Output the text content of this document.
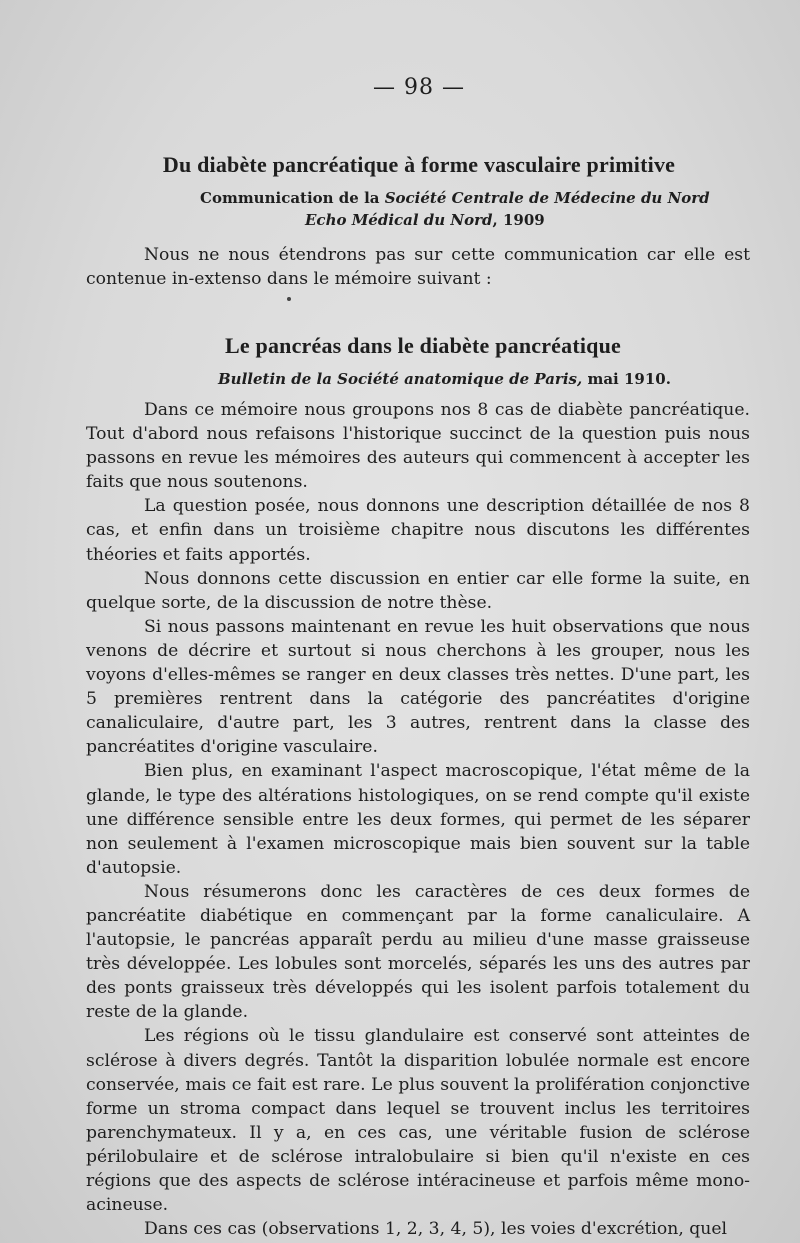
— 98 —
Du diabète pancréatique à forme vasculaire primitive
Communication de la Société Centrale de Médecine du Nord
Echo Médical du Nord, 1909

Nous ne nous étendrons pas sur cette communication car elle est contenue in-extenso dans le mémoire suivant :

Le pancréas dans le diabète pancréatique
Bulletin de la Société anatomique de Paris, mai 1910.

Dans ce mémoire nous groupons nos 8 cas de diabète pancréatique. Tout d'abord nous refaisons l'historique succinct de la question puis nous passons en revue les mémoires des auteurs qui commencent à accepter les faits que nous soutenons.

La question posée, nous donnons une description détaillée de nos 8 cas, et enfin dans un troisième chapitre nous discutons les différentes théories et faits apportés.

Nous donnons cette discussion en entier car elle forme la suite, en quelque sorte, de la discussion de notre thèse.

Si nous passons maintenant en revue les huit observations que nous venons de décrire et surtout si nous cherchons à les grouper, nous les voyons d'elles-mêmes se ranger en deux classes très nettes. D'une part, les 5 premières rentrent dans la catégorie des pancréatites d'origine canaliculaire, d'autre part, les 3 autres, rentrent dans la classe des pancréatites d'origine vasculaire.

Bien plus, en examinant l'aspect macroscopique, l'état même de la glande, le type des altérations histologiques, on se rend compte qu'il existe une différence sensible entre les deux formes, qui permet de les séparer non seulement à l'examen microscopique mais bien souvent sur la table d'autopsie.

Nous résumerons donc les caractères de ces deux formes de pancréatite diabétique en commençant par la forme canaliculaire. A l'autopsie, le pancréas apparaît perdu au milieu d'une masse graisseuse très développée. Les lobules sont morcelés, séparés les uns des autres par des ponts graisseux très développés qui les isolent parfois totalement du reste de la glande.

Les régions où le tissu glandulaire est conservé sont atteintes de sclérose à divers degrés. Tantôt la disparition lobulée normale est encore conservée, mais ce fait est rare. Le plus souvent la prolifération conjonctive forme un stroma compact dans lequel se trouvent inclus les territoires parenchymateux. Il y a, en ces cas, une véritable fusion de sclérose périlobulaire et de sclérose intralobulaire si bien qu'il n'existe en ces régions que des aspects de sclérose intéracineuse et parfois même mono-acineuse.

Dans ces cas (observations 1, 2, 3, 4, 5), les voies d'excrétion, quel
